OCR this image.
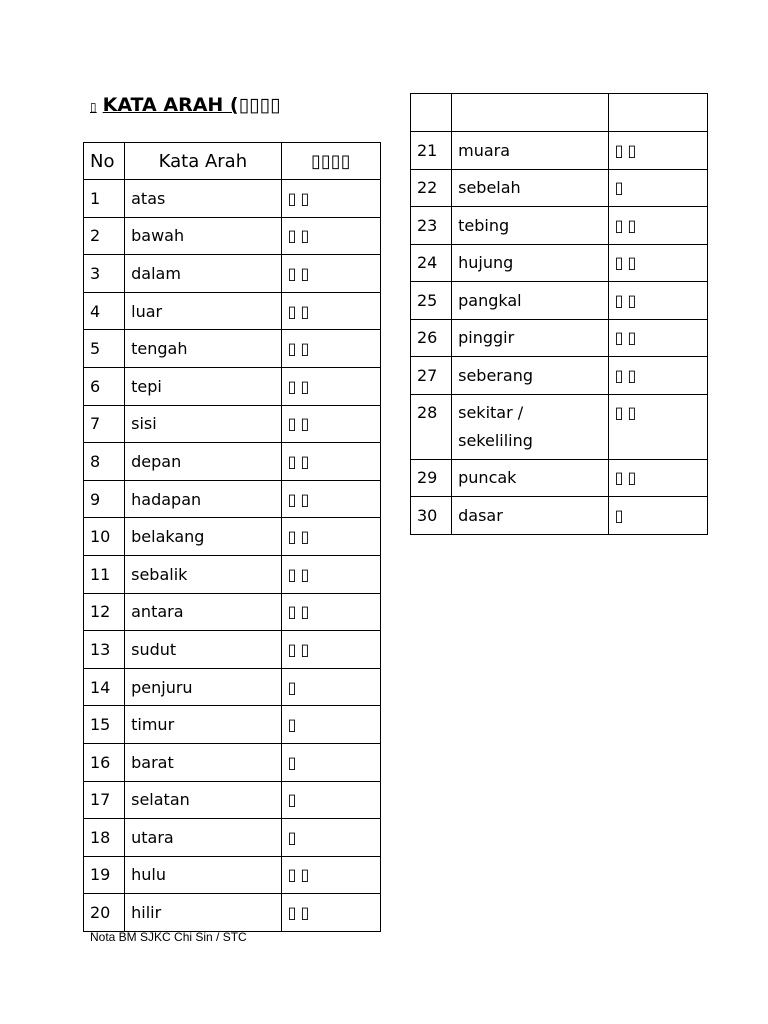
▯ KATA ARAH (▯▯▯▯
No	Kata Arah	▯▯▯▯
1	atas	▯▯
2	bawah	▯▯
3	dalam	▯▯
4	luar	▯▯
5	tengah	▯▯
6	tepi	▯▯
7	sisi	▯▯
8	depan	▯▯
9	hadapan	▯▯
10	belakang	▯▯
11	sebalik	▯▯
12	antara	▯▯
13	sudut	▯▯
14	penjuru	▯
15	timur	▯
16	barat	▯
17	selatan	▯
18	utara	▯
19	hulu	▯▯
20	hilir	▯▯

21	muara	▯▯
22	sebelah	▯
23	tebing	▯▯
24	hujung	▯▯
25	pangkal	▯▯
26	pinggir	▯▯
27	seberang	▯▯
28	sekitar /
sekeliling	▯▯
29	puncak	▯▯
30	dasar	▯
Nota BM SJKC Chi Sin / STC
